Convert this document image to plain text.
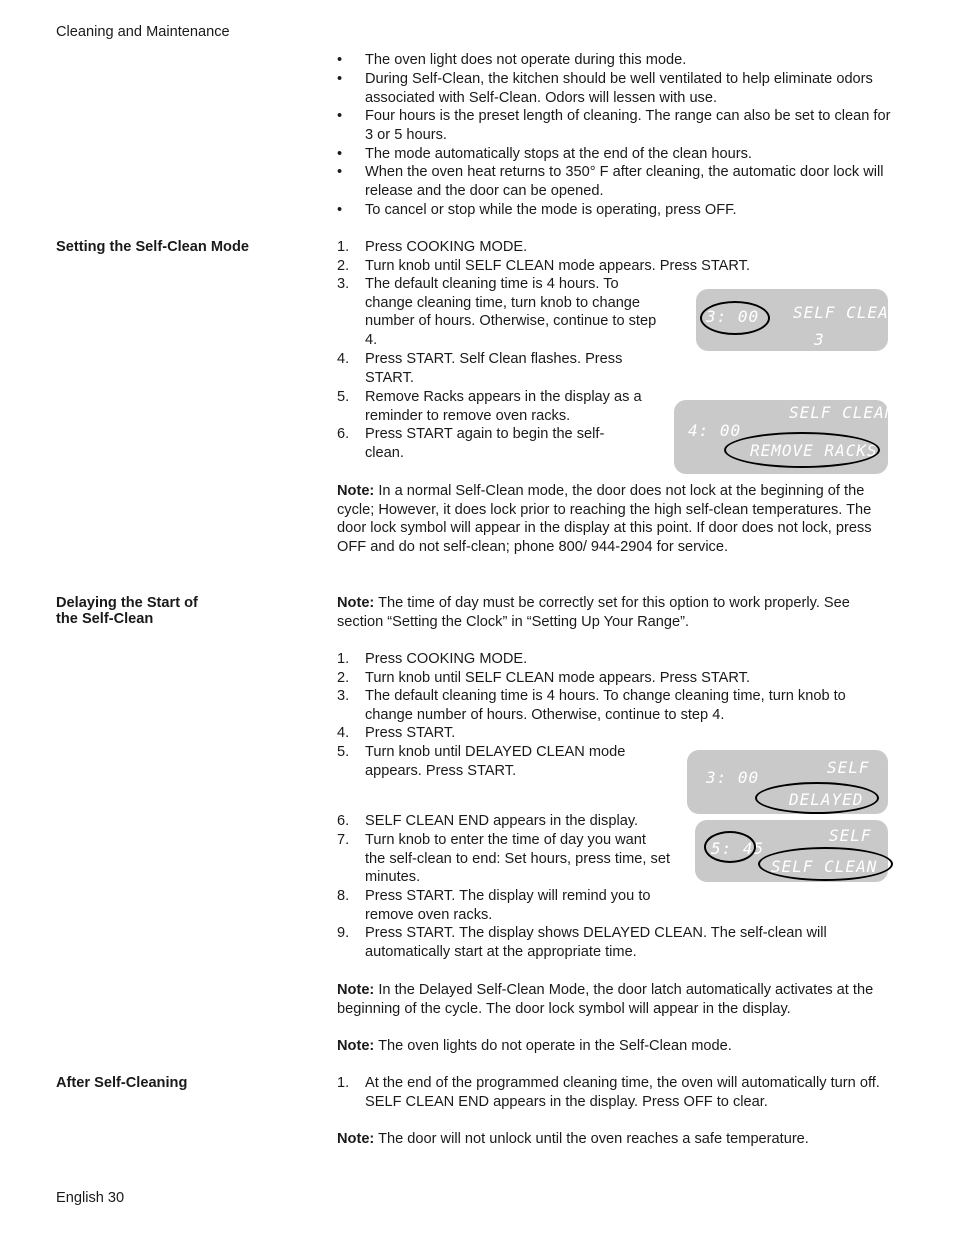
Cleaning and Maintenance
• The oven light does not operate during this mode.
• During Self-Clean, the kitchen should be well ventilated to help eliminate odors associated with Self-Clean. Odors will lessen with use.
• Four hours is the preset length of cleaning. The range can also be set to clean for 3 or 5 hours.
• The mode automatically stops at the end of the clean hours.
• When the oven heat returns to 350° F after cleaning, the automatic door lock will release and the door can be opened.
• To cancel or stop while the mode is operating, press OFF.
Setting the Self-Clean Mode	1. Press COOKING MODE.
2. Turn knob until SELF CLEAN mode appears. Press START.
3. The default cleaning time is 4 hours. To change cleaning time, turn knob to change number of hours. Otherwise, continue to step 4.
4. Press START. Self Clean flashes. Press START.
5. Remove Racks appears in the display as a reminder to remove oven racks.
6. Press START again to begin the self-clean.
Note: In a normal Self-Clean mode, the door does not lock at the beginning of the cycle; However, it does lock prior to reaching the high self-clean temperatures. The door lock symbol will appear in the display at this point. If door does not lock, press OFF and do not self-clean; phone 800/ 944-2904 for service.
3: 00 SELF CLEAN
3
SELF CLEAN
4: 00
REMOVE RACKS
Delaying the Start of
the Self-Clean
Note: The time of day must be correctly set for this option to work properly. See section “Setting the Clock” in “Setting Up Your Range”.
1. Press COOKING MODE.
2. Turn knob until SELF CLEAN mode appears. Press START.
3. The default cleaning time is 4 hours. To change cleaning time, turn knob to change number of hours. Otherwise, continue to step 4.
4. Press START.
5. Turn knob until DELAYED CLEAN mode appears. Press START.
6. SELF CLEAN END appears in the display.
7. Turn knob to enter the time of day you want the self-clean to end: Set hours, press time, set minutes.
8. Press START. The display will remind you to remove oven racks.
9. Press START. The display shows DELAYED CLEAN. The self-clean will automatically start at the appropriate time.
Note: In the Delayed Self-Clean Mode, the door latch automatically activates at the beginning of the cycle. The door lock symbol will appear in the display.
Note: The oven lights do not operate in the Self-Clean mode.
SELF
3: 00
DELAYED
SELF
5: 45
SELF CLEAN END
After Self-Cleaning	1. At the end of the programmed cleaning time, the oven will automatically turn off. SELF CLEAN END appears in the display. Press OFF to clear.
Note: The door will not unlock until the oven reaches a safe temperature.
English 30
